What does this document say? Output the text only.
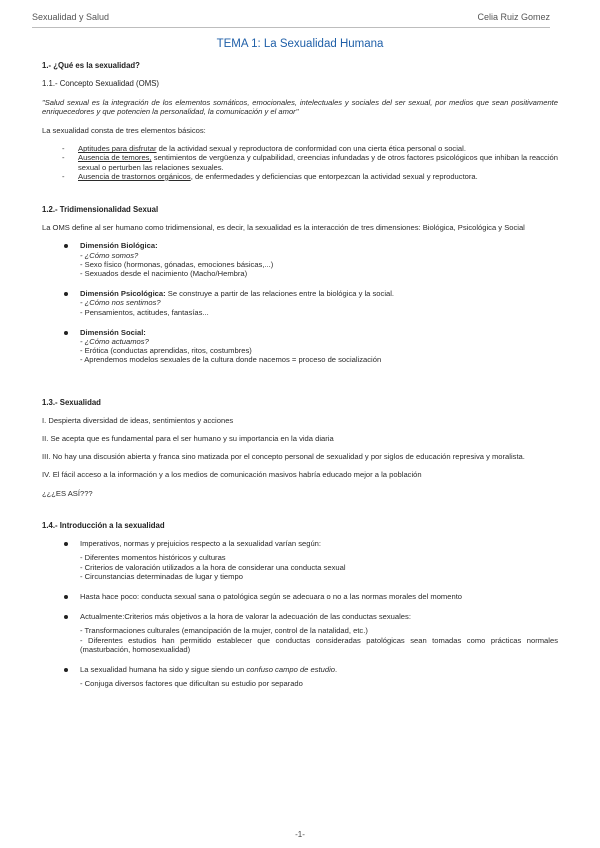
Sexualidad y Salud	Celia Ruiz Gomez
TEMA 1: La Sexualidad Humana
1.- ¿Qué es la sexualidad?
1.1.- Concepto Sexualidad (OMS)

"Salud sexual es la integración de los elementos somáticos, emocionales, intelectuales y sociales del ser sexual, por medios que sean positivamente enriquecedores y que potencien la personalidad, la comunicación y el amor"

La sexualidad consta de tres elementos básicos:

- Aptitudes para disfrutar de la actividad sexual y reproductora de conformidad con una cierta ética personal o social.
- Ausencia de temores, sentimientos de vergüenza y culpabilidad, creencias infundadas y de otros factores psicológicos que inhiban la reacción sexual o perturben las relaciones sexuales.
- Ausencia de trastornos orgánicos, de enfermedades y deficiencias que entorpezcan la actividad sexual y reproductora.
1.2.- Tridimensionalidad Sexual

La OMS define al ser humano como tridimensional, es decir, la sexualidad es la interacción de tres dimensiones: Biológica, Psicológica y Social

Dimensión Biológica:
- ¿Cómo somos?
- Sexo físico (hormonas, gónadas, emociones básicas,...)
- Sexuados desde el nacimiento (Macho/Hembra)
Dimensión Psicológica: Se construye a partir de las relaciones entre la biológica y la social.
- ¿Cómo nos sentimos?
- Pensamientos, actitudes, fantasías...
Dimensión Social:
- ¿Cómo actuamos?
- Erótica (conductas aprendidas, ritos, costumbres)
- Aprendemos modelos sexuales de la cultura donde nacemos = proceso de socialización
1.3.- Sexualidad

I. Despierta diversidad de ideas, sentimientos y acciones

II. Se acepta que es fundamental para el ser humano y su importancia en la vida diaria

III. No hay una discusión abierta y franca sino matizada por el concepto personal de sexualidad y por siglos de educación represiva y moralista.

IV. El fácil acceso a la información y a los medios de comunicación masivos habría educado mejor a la población

¿¿¿ES ASÍ???

1.4.- Introducción a la sexualidad
Imperativos, normas y prejuicios respecto a la sexualidad varían según:
- Diferentes momentos históricos y culturas
- Criterios de valoración utilizados a la hora de considerar una conducta sexual
- Circunstancias determinadas de lugar y tiempo
Hasta hace poco: conducta sexual sana o patológica según se adecuara o no a las normas morales del momento
Actualmente:Criterios más objetivos a la hora de valorar la adecuación de las conductas sexuales:
- Transformaciones culturales (emancipación de la mujer, control de la natalidad, etc.)
- Diferentes estudios han permitido establecer que conductas consideradas patológicas sean tomadas como prácticas normales (masturbación, homosexualidad)
La sexualidad humana ha sido y sigue siendo un confuso campo de estudio.
- Conjuga diversos factores que dificultan su estudio por separado
-1-
